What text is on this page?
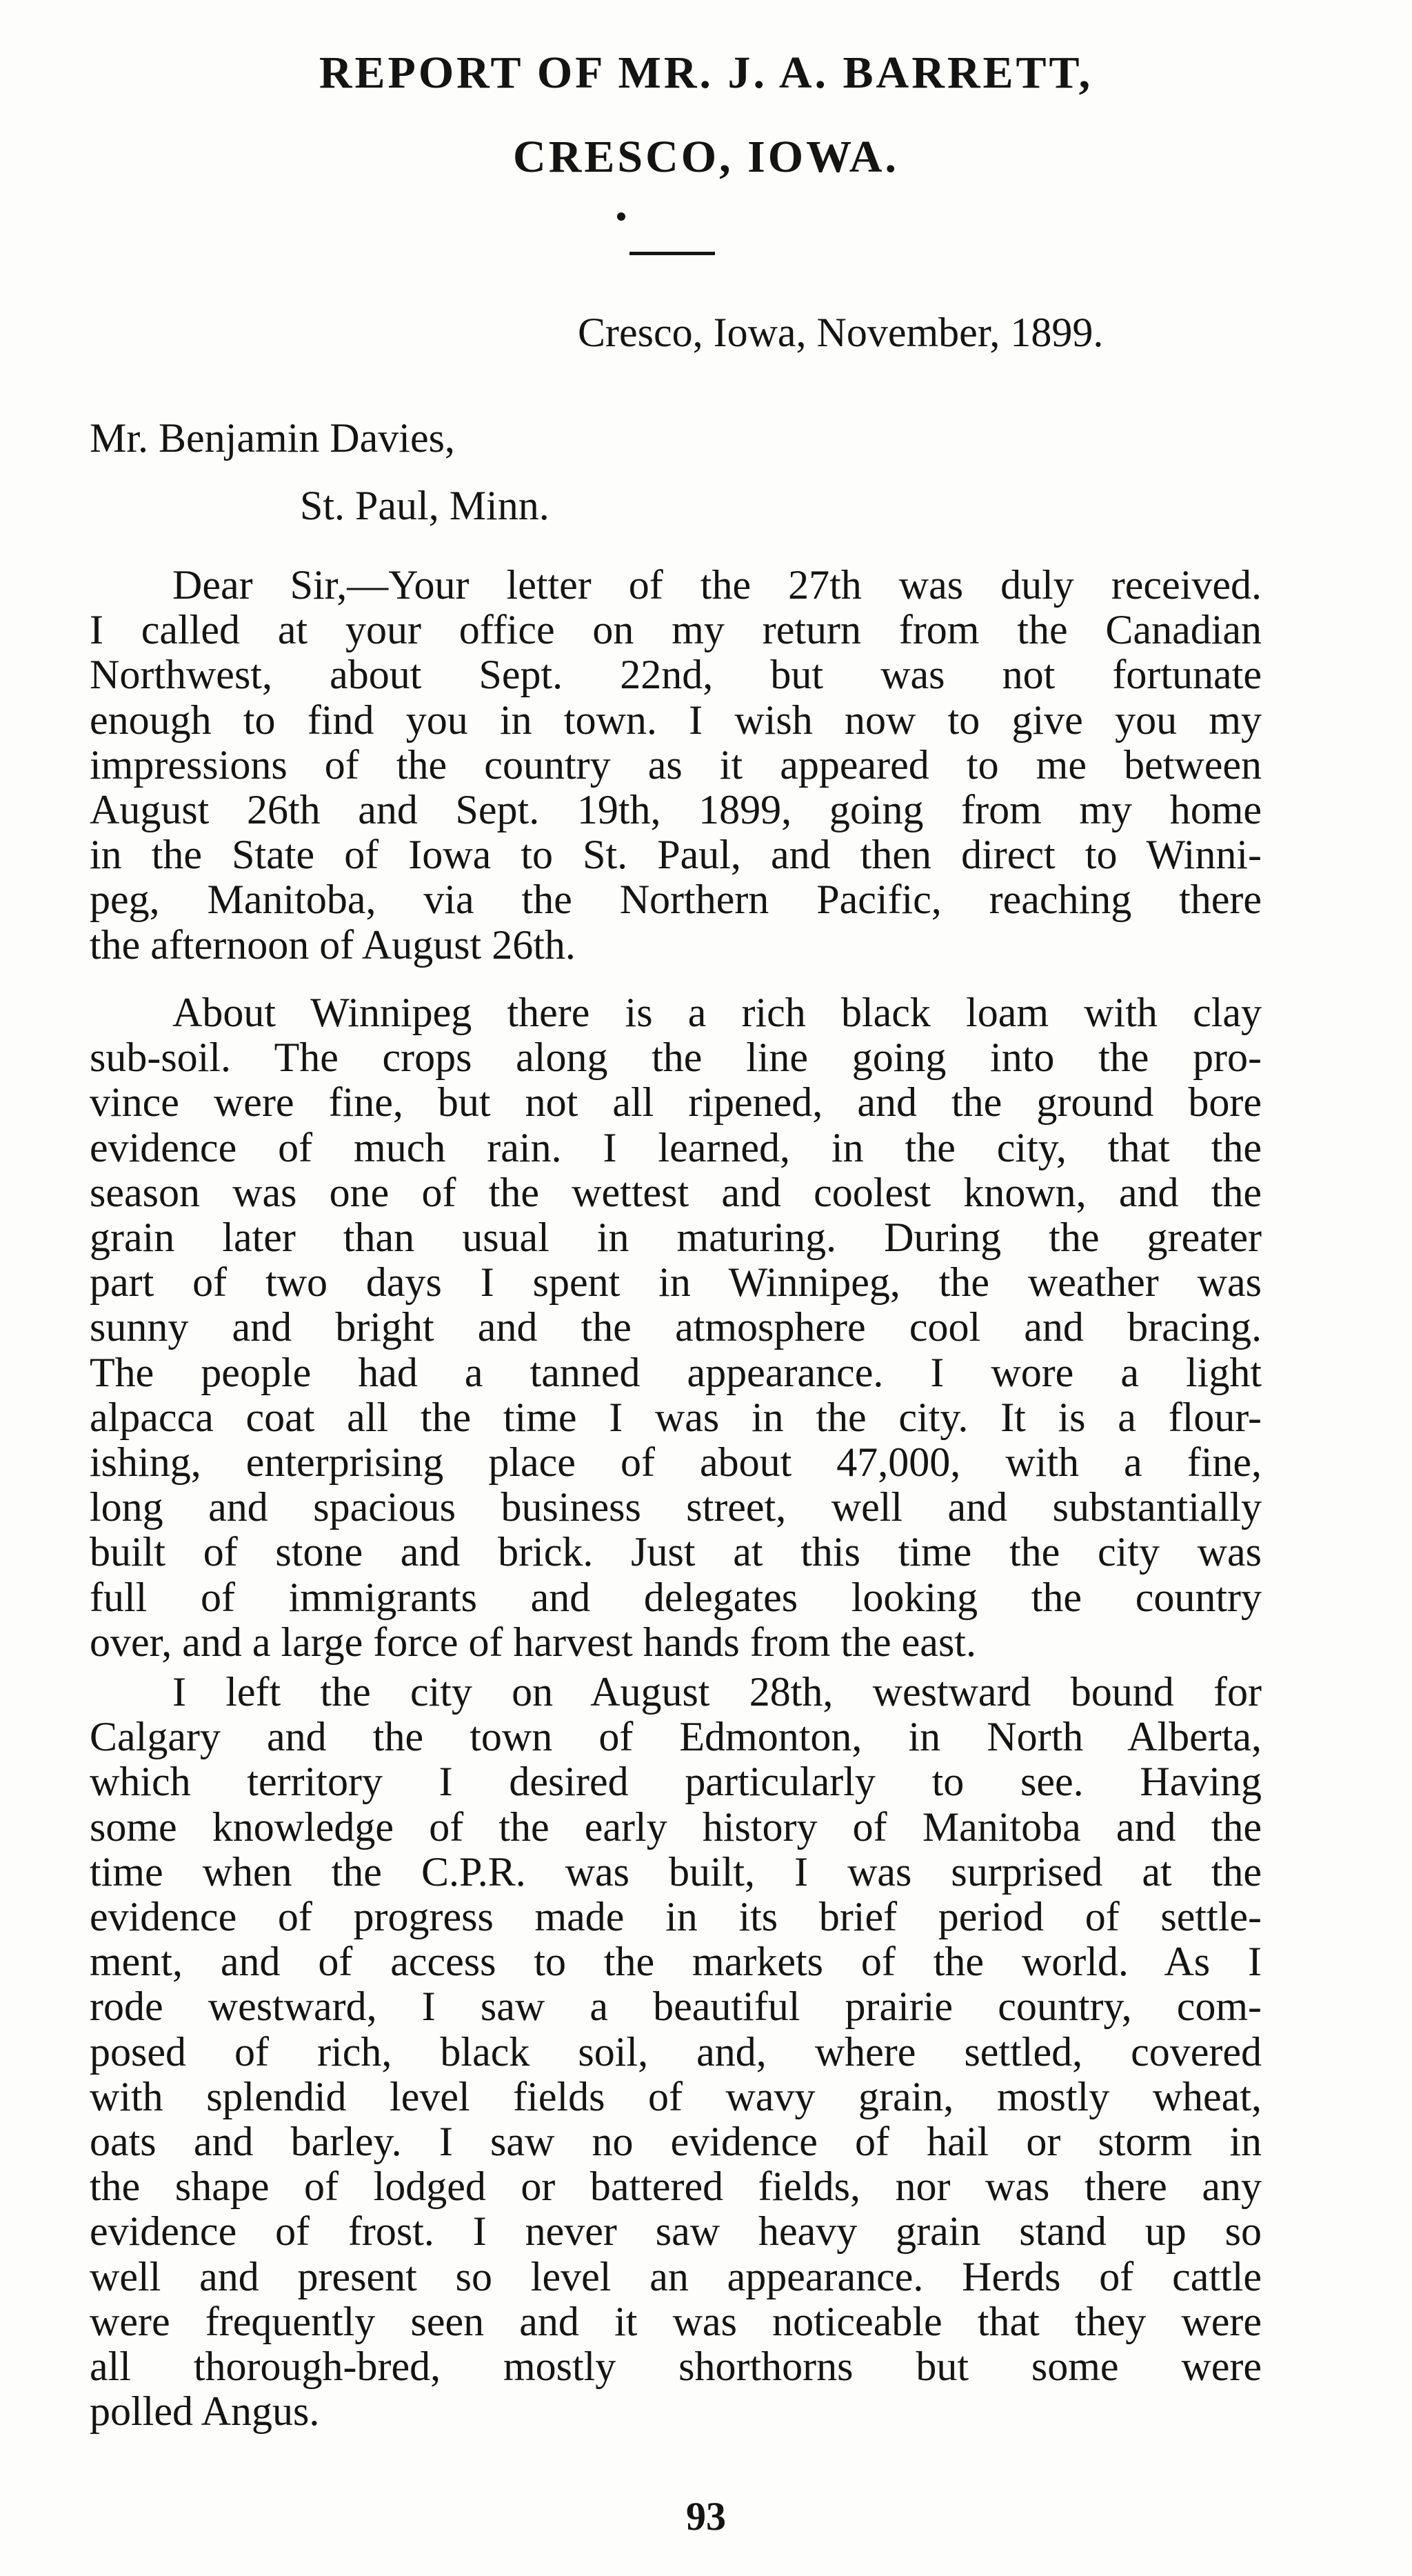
REPORT OF MR. J. A. BARRETT,
CRESCO, IOWA.
Cresco, Iowa, November, 1899.
Mr. Benjamin Davies,
St. Paul, Minn.
Dear Sir,—Your letter of the 27th was duly received.
I called at your office on my return from the Canadian
Northwest, about Sept. 22nd, but was not fortunate
enough to find you in town. I wish now to give you my
impressions of the country as it appeared to me between
August 26th and Sept. 19th, 1899, going from my home
in the State of Iowa to St. Paul, and then direct to Winni-
peg, Manitoba, via the Northern Pacific, reaching there
the afternoon of August 26th.
About Winnipeg there is a rich black loam with clay
sub-soil. The crops along the line going into the pro-
vince were fine, but not all ripened, and the ground bore
evidence of much rain. I learned, in the city, that the
season was one of the wettest and coolest known, and the
grain later than usual in maturing. During the greater
part of two days I spent in Winnipeg, the weather was
sunny and bright and the atmosphere cool and bracing.
The people had a tanned appearance. I wore a light
alpacca coat all the time I was in the city. It is a flour-
ishing, enterprising place of about 47,000, with a fine,
long and spacious business street, well and substantially
built of stone and brick. Just at this time the city was
full of immigrants and delegates looking the country
over, and a large force of harvest hands from the east.
I left the city on August 28th, westward bound for
Calgary and the town of Edmonton, in North Alberta,
which territory I desired particularly to see. Having
some knowledge of the early history of Manitoba and the
time when the C.P.R. was built, I was surprised at the
evidence of progress made in its brief period of settle-
ment, and of access to the markets of the world. As I
rode westward, I saw a beautiful prairie country, com-
posed of rich, black soil, and, where settled, covered
with splendid level fields of wavy grain, mostly wheat,
oats and barley. I saw no evidence of hail or storm in
the shape of lodged or battered fields, nor was there any
evidence of frost. I never saw heavy grain stand up so
well and present so level an appearance. Herds of cattle
were frequently seen and it was noticeable that they were
all thorough-bred, mostly shorthorns but some were
polled Angus.
93
